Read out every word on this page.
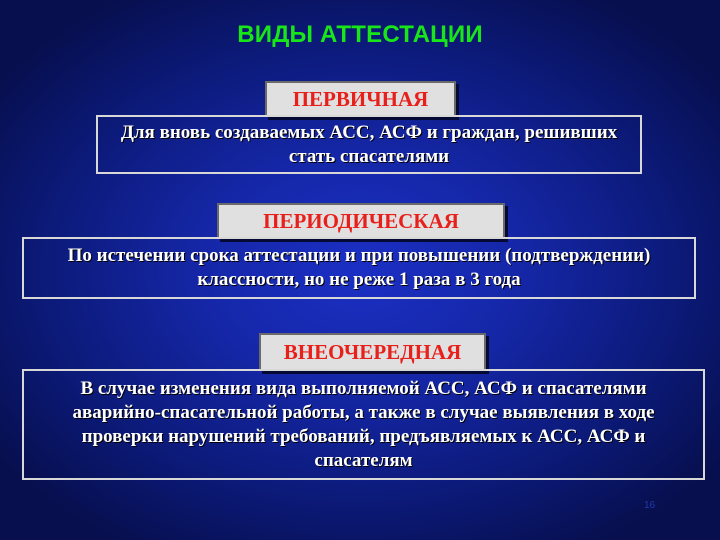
ВИДЫ АТТЕСТАЦИИ
ПЕРВИЧНАЯ
Для вновь создаваемых АСС, АСФ и граждан, решивших стать спасателями
ПЕРИОДИЧЕСКАЯ
По истечении срока аттестации и при повышении (подтверждении) классности, но не реже 1 раза в 3 года
ВНЕОЧЕРЕДНАЯ
В случае изменения вида выполняемой АСС, АСФ и спасателями аварийно-спасательной работы, а также в случае выявления в ходе проверки нарушений требований, предъявляемых к АСС, АСФ и спасателям
16
